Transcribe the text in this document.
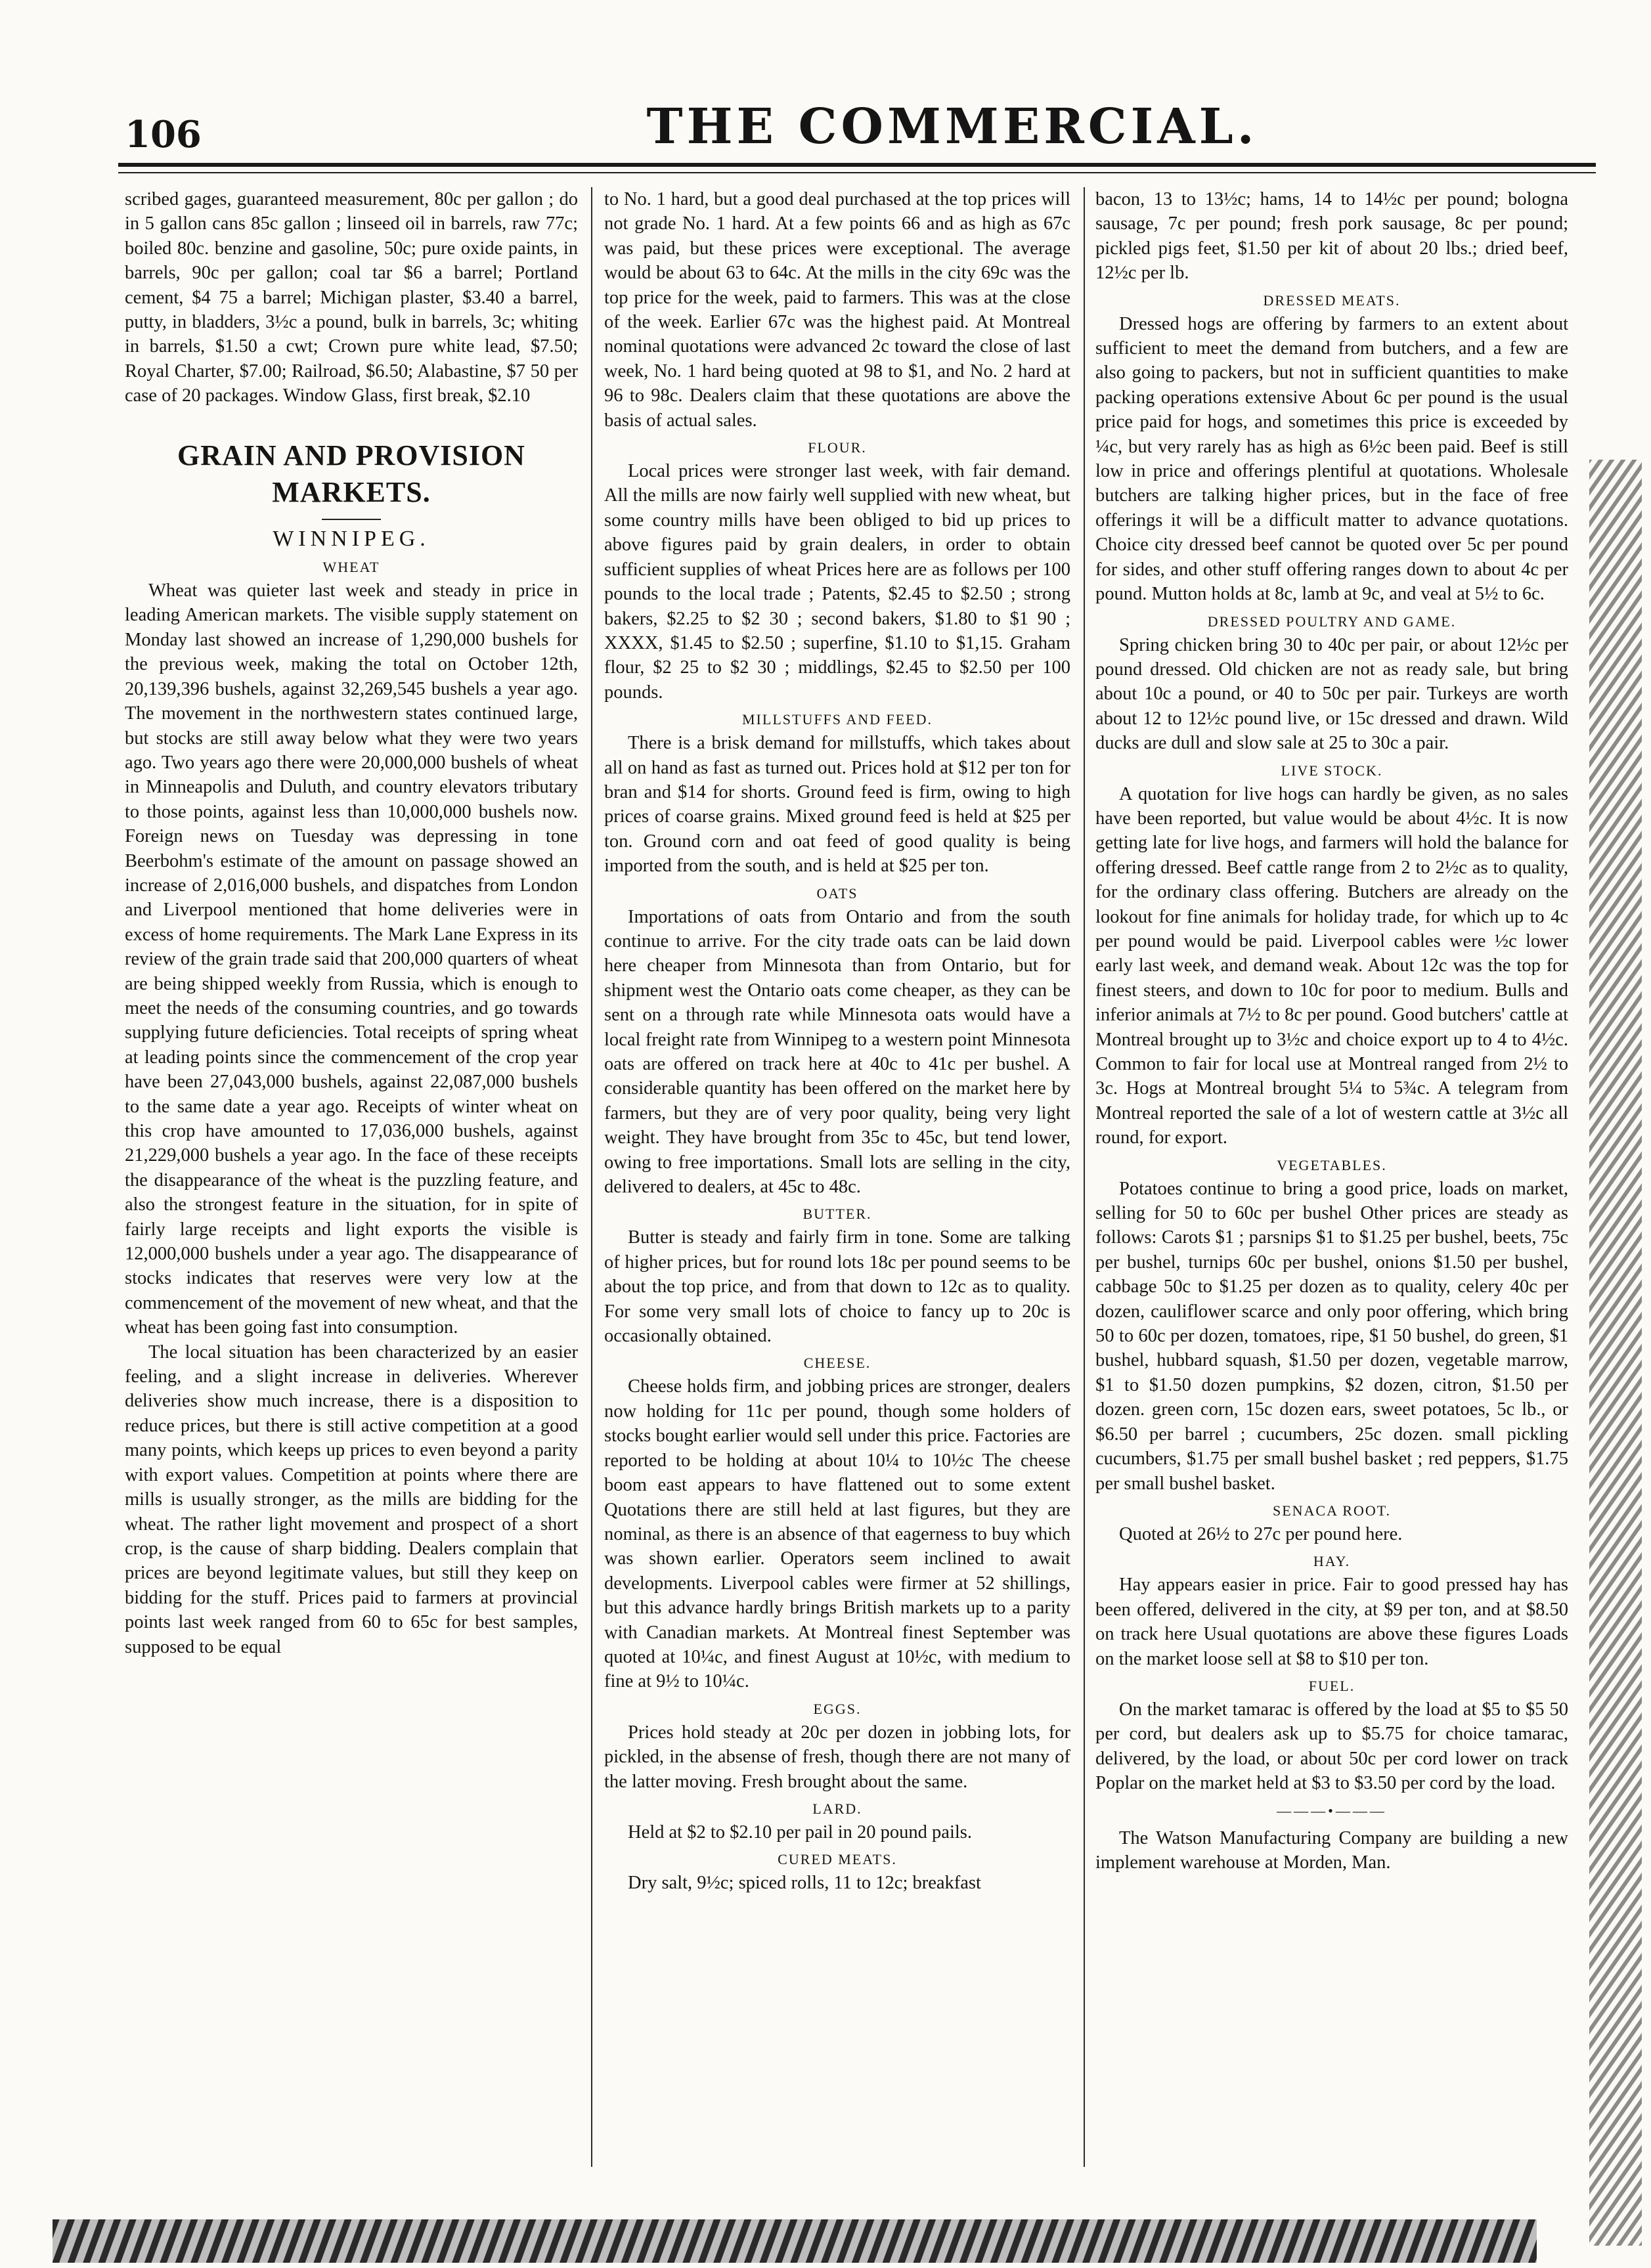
106	THE COMMERCIAL.

scribed gages, guaranteed measurement, 80c per gallon ; do in 5 gallon cans 85c gallon ; linseed oil in barrels, raw 77c; boiled 80c. benzine and gasoline, 50c; pure oxide paints, in barrels, 90c per gallon; coal tar $6 a barrel; Portland cement, $4 75 a barrel; Michigan plaster, $3.40 a barrel, putty, in bladders, 3½c a pound, bulk in barrels, 3c; whiting in barrels, $1.50 a cwt; Crown pure white lead, $7.50; Royal Charter, $7.00; Railroad, $6.50; Alabastine, $7 50 per case of 20 packages. Window Glass, first break, $2.10

GRAIN AND PROVISION MARKETS.
WINNIPEG.
WHEAT

Wheat was quieter last week and steady in price in leading American markets. The visible supply statement on Monday last showed an increase of 1,290,000 bushels for the previous week, making the total on October 12th, 20,139,396 bushels, against 32,269,545 bushels a year ago. The movement in the northwestern states continued large, but stocks are still away below what they were two years ago. Two years ago there were 20,000,000 bushels of wheat in Minneapolis and Duluth, and country elevators tributary to those points, against less than 10,000,000 bushels now. Foreign news on Tuesday was depressing in tone Beerbohm's estimate of the amount on passage showed an increase of 2,016,000 bushels, and dispatches from London and Liverpool mentioned that home deliveries were in excess of home requirements. The Mark Lane Express in its review of the grain trade said that 200,000 quarters of wheat are being shipped weekly from Russia, which is enough to meet the needs of the consuming countries, and go towards supplying future deficiencies. Total receipts of spring wheat at leading points since the commencement of the crop year have been 27,043,000 bushels, against 22,087,000 bushels to the same date a year ago. Receipts of winter wheat on this crop have amounted to 17,036,000 bushels, against 21,229,000 bushels a year ago. In the face of these receipts the disappearance of the wheat is the puzzling feature, and also the strongest feature in the situation, for in spite of fairly large receipts and light exports the visible is 12,000,000 bushels under a year ago. The disappearance of stocks indicates that reserves were very low at the commencement of the movement of new wheat, and that the wheat has been going fast into consumption.

The local situation has been characterized by an easier feeling, and a slight increase in deliveries. Wherever deliveries show much increase, there is a disposition to reduce prices, but there is still active competition at a good many points, which keeps up prices to even beyond a parity with export values. Competition at points where there are mills is usually stronger, as the mills are bidding for the wheat. The rather light movement and prospect of a short crop, is the cause of sharp bidding. Dealers complain that prices are beyond legitimate values, but still they keep on bidding for the stuff. Prices paid to farmers at provincial points last week ranged from 60 to 65c for best samples, supposed to be equal

to No. 1 hard, but a good deal purchased at the top prices will not grade No. 1 hard. At a few points 66 and as high as 67c was paid, but these prices were exceptional. The average would be about 63 to 64c. At the mills in the city 69c was the top price for the week, paid to farmers. This was at the close of the week. Earlier 67c was the highest paid. At Montreal nominal quotations were advanced 2c toward the close of last week, No. 1 hard being quoted at 98 to $1, and No. 2 hard at 96 to 98c. Dealers claim that these quotations are above the basis of actual sales.

FLOUR.

Local prices were stronger last week, with fair demand. All the mills are now fairly well supplied with new wheat, but some country mills have been obliged to bid up prices to above figures paid by grain dealers, in order to obtain sufficient supplies of wheat Prices here are as follows per 100 pounds to the local trade ; Patents, $2.45 to $2.50 ; strong bakers, $2.25 to $2 30 ; second bakers, $1.80 to $1 90 ; XXXX, $1.45 to $2.50 ; superfine, $1.10 to $1,15. Graham flour, $2 25 to $2 30 ; middlings, $2.45 to $2.50 per 100 pounds.

MILLSTUFFS AND FEED.

There is a brisk demand for millstuffs, which takes about all on hand as fast as turned out. Prices hold at $12 per ton for bran and $14 for shorts. Ground feed is firm, owing to high prices of coarse grains. Mixed ground feed is held at $25 per ton. Ground corn and oat feed of good quality is being imported from the south, and is held at $25 per ton.

OATS

Importations of oats from Ontario and from the south continue to arrive. For the city trade oats can be laid down here cheaper from Minnesota than from Ontario, but for shipment west the Ontario oats come cheaper, as they can be sent on a through rate while Minnesota oats would have a local freight rate from Winnipeg to a western point Minnesota oats are offered on track here at 40c to 41c per bushel. A considerable quantity has been offered on the market here by farmers, but they are of very poor quality, being very light weight. They have brought from 35c to 45c, but tend lower, owing to free importations. Small lots are selling in the city, delivered to dealers, at 45c to 48c.

BUTTER.

Butter is steady and fairly firm in tone. Some are talking of higher prices, but for round lots 18c per pound seems to be about the top price, and from that down to 12c as to quality. For some very small lots of choice to fancy up to 20c is occasionally obtained.

CHEESE.

Cheese holds firm, and jobbing prices are stronger, dealers now holding for 11c per pound, though some holders of stocks bought earlier would sell under this price. Factories are reported to be holding at about 10¼ to 10½c The cheese boom east appears to have flattened out to some extent Quotations there are still held at last figures, but they are nominal, as there is an absence of that eagerness to buy which was shown earlier. Operators seem inclined to await developments. Liverpool cables were firmer at 52 shillings, but this advance hardly brings British markets up to a parity with Canadian markets. At Montreal finest September was quoted at 10¼c, and finest August at 10½c, with medium to fine at 9½ to 10¼c.

EGGS.

Prices hold steady at 20c per dozen in jobbing lots, for pickled, in the absense of fresh, though there are not many of the latter moving. Fresh brought about the same.

LARD.

Held at $2 to $2.10 per pail in 20 pound pails.

CURED MEATS.

Dry salt, 9½c; spiced rolls, 11 to 12c; breakfast

bacon, 13 to 13½c; hams, 14 to 14½c per pound; bologna sausage, 7c per pound; fresh pork sausage, 8c per pound; pickled pigs feet, $1.50 per kit of about 20 lbs.; dried beef, 12½c per lb.

DRESSED MEATS.

Dressed hogs are offering by farmers to an extent about sufficient to meet the demand from butchers, and a few are also going to packers, but not in sufficient quantities to make packing operations extensive About 6c per pound is the usual price paid for hogs, and sometimes this price is exceeded by ¼c, but very rarely has as high as 6½c been paid. Beef is still low in price and offerings plentiful at quotations. Wholesale butchers are talking higher prices, but in the face of free offerings it will be a difficult matter to advance quotations. Choice city dressed beef cannot be quoted over 5c per pound for sides, and other stuff offering ranges down to about 4c per pound. Mutton holds at 8c, lamb at 9c, and veal at 5½ to 6c.

DRESSED POULTRY AND GAME.

Spring chicken bring 30 to 40c per pair, or about 12½c per pound dressed. Old chicken are not as ready sale, but bring about 10c a pound, or 40 to 50c per pair. Turkeys are worth about 12 to 12½c pound live, or 15c dressed and drawn. Wild ducks are dull and slow sale at 25 to 30c a pair.

LIVE STOCK.

A quotation for live hogs can hardly be given, as no sales have been reported, but value would be about 4½c. It is now getting late for live hogs, and farmers will hold the balance for offering dressed. Beef cattle range from 2 to 2½c as to quality, for the ordinary class offering. Butchers are already on the lookout for fine animals for holiday trade, for which up to 4c per pound would be paid. Liverpool cables were ½c lower early last week, and demand weak. About 12c was the top for finest steers, and down to 10c for poor to medium. Bulls and inferior animals at 7½ to 8c per pound. Good butchers' cattle at Montreal brought up to 3½c and choice export up to 4 to 4½c. Common to fair for local use at Montreal ranged from 2½ to 3c. Hogs at Montreal brought 5¼ to 5¾c. A telegram from Montreal reported the sale of a lot of western cattle at 3½c all round, for export.

VEGETABLES.

Potatoes continue to bring a good price, loads on market, selling for 50 to 60c per bushel Other prices are steady as follows: Carots $1 ; parsnips $1 to $1.25 per bushel, beets, 75c per bushel, turnips 60c per bushel, onions $1.50 per bushel, cabbage 50c to $1.25 per dozen as to quality, celery 40c per dozen, cauliflower scarce and only poor offering, which bring 50 to 60c per dozen, tomatoes, ripe, $1 50 bushel, do green, $1 bushel, hubbard squash, $1.50 per dozen, vegetable marrow, $1 to $1.50 dozen pumpkins, $2 dozen, citron, $1.50 per dozen. green corn, 15c dozen ears, sweet potatoes, 5c lb., or $6.50 per barrel ; cucumbers, 25c dozen. small pickling cucumbers, $1.75 per small bushel basket ; red peppers, $1.75 per small bushel basket.

SENACA ROOT.

Quoted at 26½ to 27c per pound here.

HAY.

Hay appears easier in price. Fair to good pressed hay has been offered, delivered in the city, at $9 per ton, and at $8.50 on track here Usual quotations are above these figures Loads on the market loose sell at $8 to $10 per ton.

FUEL.

On the market tamarac is offered by the load at $5 to $5 50 per cord, but dealers ask up to $5.75 for choice tamarac, delivered, by the load, or about 50c per cord lower on track Poplar on the market held at $3 to $3.50 per cord by the load.

———•———

The Watson Manufacturing Company are building a new implement warehouse at Morden, Man.
